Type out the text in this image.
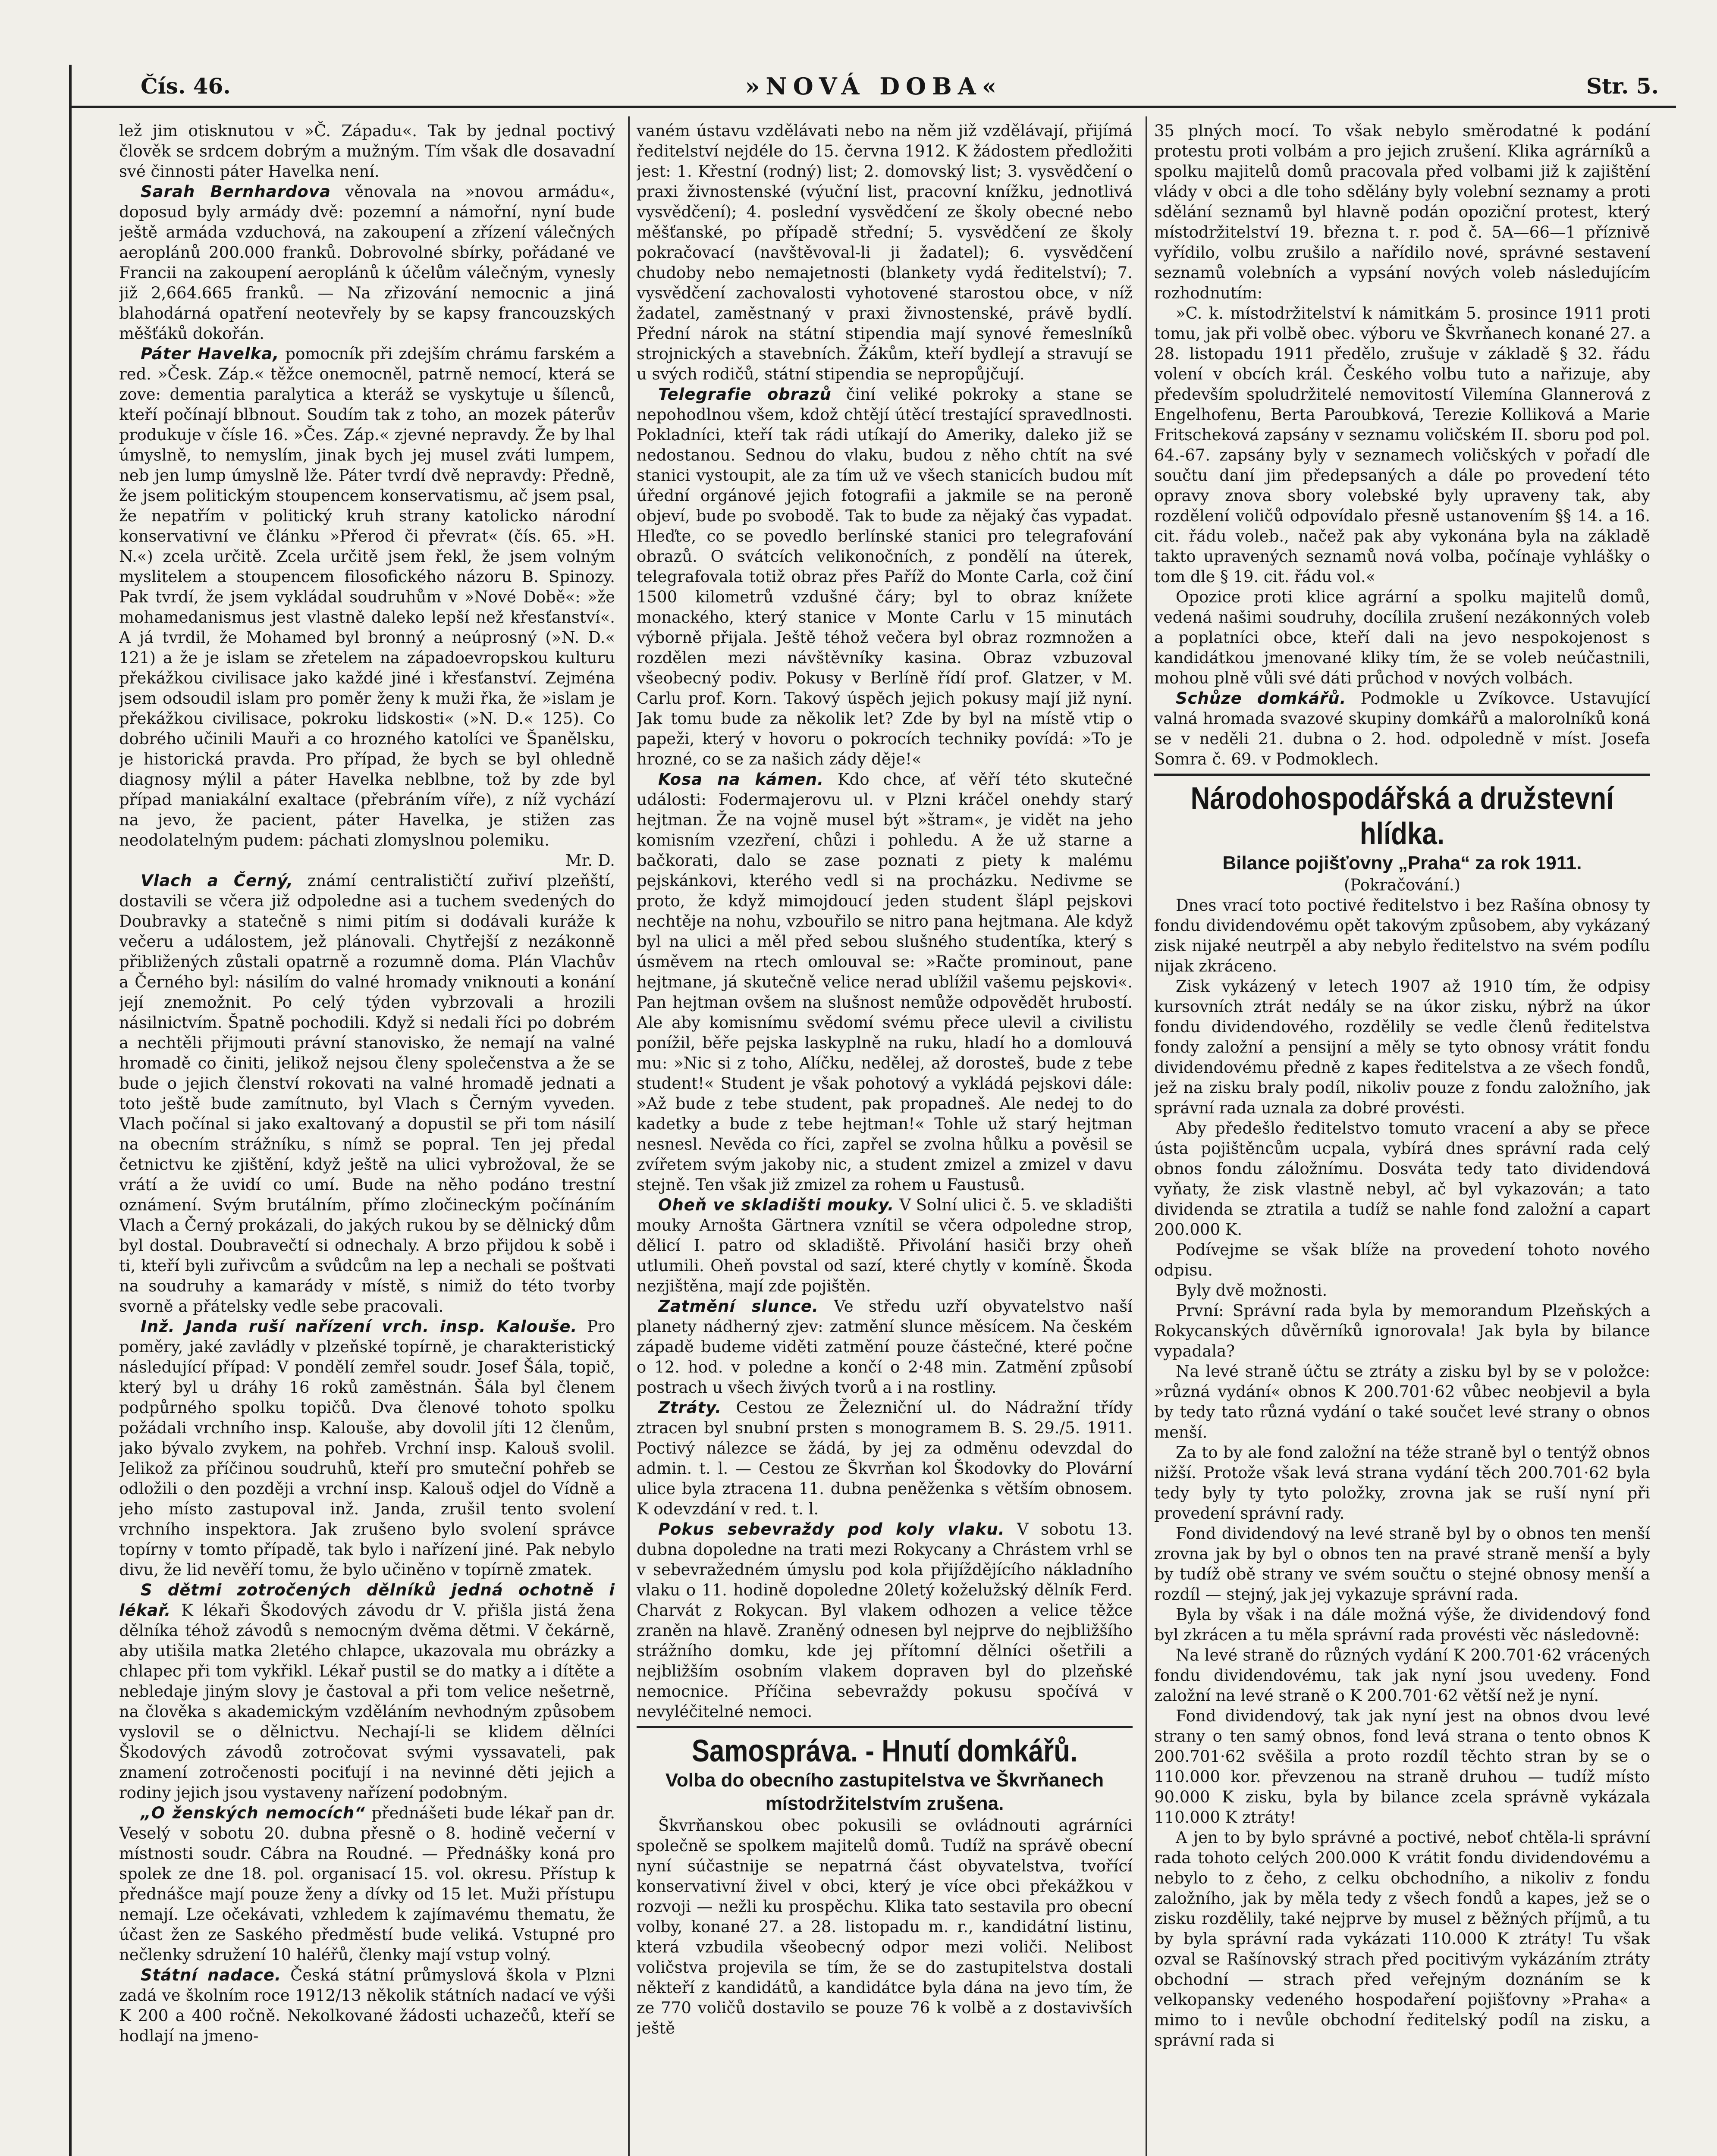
Čís. 46.	»NOVÁ DOBA«	Str. 5.

lež jim otisknutou v »Č. Západu«. Tak by jednal poctivý člověk se srdcem dobrým a mužným. Tím však dle dosavadní své činnosti páter Havelka není.

Sarah Bernhardova věnovala na »novou armádu«, doposud byly armády dvě: pozemní a námořní, nyní bude ještě armáda vzduchová, na zakoupení a zřízení válečných aeroplánů 200.000 franků. Dobrovolné sbírky, pořádané ve Francii na zakoupení aeroplánů k účelům válečným, vynesly již 2,664.665 franků. — Na zřizování nemocnic a jiná blahodárná opatření neotevřely by se kapsy francouzských měšťáků dokořán.

Páter Havelka, pomocník při zdejším chrámu farském a red. »Česk. Záp.« těžce onemocněl, patrně nemocí, která se zove: dementia paralytica a kteráž se vyskytuje u šílenců, kteří počínají blbnout. Soudím tak z toho, an mozek páterův produkuje v čísle 16. »Čes. Záp.« zjevné nepravdy. Že by lhal úmyslně, to nemyslím, jinak bych jej musel zváti lumpem, neb jen lump úmyslně lže. Páter tvrdí dvě nepravdy: Předně, že jsem politickým stoupencem konservatismu, ač jsem psal, že nepatřím v politický kruh strany katolicko národní konservativní ve článku »Přerod či převrat« (čís. 65. »H. N.«) zcela určitě. Zcela určitě jsem řekl, že jsem volným myslitelem a stoupencem filosofického názoru B. Spinozy. Pak tvrdí, že jsem vykládal soudruhům v »Nové Době«: »že mohamedanismus jest vlastně daleko lepší než křesťanství«. A já tvrdil, že Mohamed byl bronný a neúprosný (»N. D.« 121) a že je islam se zřetelem na západoevropskou kulturu překážkou civilisace jako každé jiné i křesťanství. Zejména jsem odsoudil islam pro poměr ženy k muži řka, že »islam je překážkou civilisace, pokroku lidskosti« (»N. D.« 125). Co dobrého učinili Mauři a co hrozného katolíci ve Španělsku, je historická pravda. Pro případ, že bych se byl ohledně diagnosy mýlil a páter Havelka neblbne, tož by zde byl případ maniakální exaltace (přebráním víře), z níž vychází na jevo, že pacient, páter Havelka, je stižen zas neodolatelným pudem: páchati zlomyslnou polemiku.

Mr. D.

Vlach a Černý, známí centralističtí zuřiví plzeňští, dostavili se včera již odpoledne asi a tuchem svedených do Doubravky a statečně s nimi pitím si dodávali kuráže k večeru a událostem, jež plánovali. Chytřejší z nezákonně přibližených zůstali opatrně a rozumně doma. Plán Vlachův a Černého byl: násilím do valné hromady vniknouti a konání její znemožnit. Po celý týden vybrzovali a hrozili násilnictvím. Špatně pochodili. Když si nedali říci po dobrém a nechtěli přijmouti právní stanovisko, že nemají na valné hromadě co činiti, jelikož nejsou členy společenstva a že se bude o jejich členství rokovati na valné hromadě jednati a toto ještě bude zamítnuto, byl Vlach s Černým vyveden. Vlach počínal si jako exaltovaný a dopustil se při tom násilí na obecním strážníku, s nímž se popral. Ten jej předal četnictvu ke zjištění, když ještě na ulici vybrožoval, že se vrátí a že uvidí co umí. Bude na něho podáno trestní oznámení. Svým brutálním, přímo zločineckým počínáním Vlach a Černý prokázali, do jakých rukou by se dělnický dům byl dostal. Doubravečtí si odnechaly. A brzo přijdou k sobě i ti, kteří byli zuřivcům a svůdcům na lep a nechali se poštvati na soudruhy a kamarády v místě, s nimiž do této tvorby svorně a přátelsky vedle sebe pracovali.

Inž. Janda ruší nařízení vrch. insp. Kalouše. Pro poměry, jaké zavládly v plzeňské topírně, je charakteristický následující případ: V pondělí zemřel soudr. Josef Šála, topič, který byl u dráhy 16 roků zaměstnán. Šála byl členem podpůrného spolku topičů. Dva členové tohoto spolku požádali vrchního insp. Kalouše, aby dovolil jíti 12 členům, jako bývalo zvykem, na pohřeb. Vrchní insp. Kalouš svolil. Jelikož za příčinou soudruhů, kteří pro smuteční pohřeb se odložili o den později a vrchní insp. Kalouš odjel do Vídně a jeho místo zastupoval inž. Janda, zrušil tento svolení vrchního inspektora. Jak zrušeno bylo svolení správce topírny v tomto případě, tak bylo i nařízení jiné. Pak nebylo divu, že lid nevěří tomu, že bylo učiněno v topírně zmatek.

S dětmi zotročených dělníků jedná ochotně i lékař. K lékaři Škodových závodu dr V. přišla jistá žena dělníka téhož závodů s nemocným dvěma dětmi. V čekárně, aby utišila matka 2letého chlapce, ukazovala mu obrázky a chlapec při tom vykřikl. Lékař pustil se do matky a i dítěte a nebledaje jiným slovy je častoval a při tom velice nešetrně, na člověka s akademickým vzděláním nevhodným způsobem vyslovil se o dělnictvu. Nechají-li se klidem dělníci Škodových závodů zotročovat svými vyssavateli, pak znamení zotročenosti pociťují i na nevinné děti jejich a rodiny jejich jsou vystaveny nařízení podobným.

„O ženských nemocích“ přednášeti bude lékař pan dr. Veselý v sobotu 20. dubna přesně o 8. hodině večerní v místnosti soudr. Cábra na Roudné. — Přednášky koná pro spolek ze dne 18. pol. organisací 15. vol. okresu. Přístup k přednášce mají pouze ženy a dívky od 15 let. Muži přístupu nemají. Lze očekávati, vzhledem k zajímavému thematu, že účast žen ze Saského předměstí bude veliká. Vstupné pro nečlenky sdružení 10 haléřů, členky mají vstup volný.

Státní nadace. Česká státní průmyslová škola v Plzni zadá ve školním roce 1912/13 několik státních nadací ve výši K 200 a 400 ročně. Nekolkované žádosti uchazečů, kteří se hodlají na jmeno-

vaném ústavu vzdělávati nebo na něm již vzdělávají, přijímá ředitelství nejdéle do 15. června 1912. K žádostem předložiti jest: 1. Křestní (rodný) list; 2. domovský list; 3. vysvědčení o praxi živnostenské (výuční list, pracovní knížku, jednotlivá vysvědčení); 4. poslední vysvědčení ze školy obecné nebo měšťanské, po případě střední; 5. vysvědčení ze školy pokračovací (navštěvoval-li ji žadatel); 6. vysvědčení chudoby nebo nemajetnosti (blankety vydá ředitelství); 7. vysvědčení zachovalosti vyhotovené starostou obce, v níž žadatel, zaměstnaný v praxi živnostenské, právě bydlí. Přední nárok na státní stipendia mají synové řemeslníků strojnických a stavebních. Žákům, kteří bydlejí a stravují se u svých rodičů, státní stipendia se nepropůjčují.

Telegrafie obrazů činí veliké pokroky a stane se nepohodlnou všem, kdož chtějí útěcí trestající spravedlnosti. Pokladníci, kteří tak rádi utíkají do Ameriky, daleko již se nedostanou. Sednou do vlaku, budou z něho chtít na své stanici vystoupit, ale za tím už ve všech stanicích budou mít úřední orgánové jejich fotografii a jakmile se na peroně objeví, bude po svobodě. Tak to bude za nějaký čas vypadat. Hleďte, co se povedlo berlínské stanici pro telegrafování obrazů. O svátcích velikonočních, z pondělí na úterek, telegrafovala totiž obraz přes Paříž do Monte Carla, což činí 1500 kilometrů vzdušné čáry; byl to obraz knížete monackého, který stanice v Monte Carlu v 15 minutách výborně přijala. Ještě téhož večera byl obraz rozmnožen a rozdělen mezi návštěvníky kasina. Obraz vzbuzoval všeobecný podiv. Pokusy v Berlíně řídí prof. Glatzer, v M. Carlu prof. Korn. Takový úspěch jejich pokusy mají již nyní. Jak tomu bude za několik let? Zde by byl na místě vtip o papeži, který v hovoru o pokrocích techniky povídá: »To je hrozné, co se za našich zády děje!«

Kosa na kámen. Kdo chce, ať věří této skutečné události: Fodermajerovu ul. v Plzni kráčel onehdy starý hejtman. Že na vojně musel být »štram«, je vidět na jeho komisním vzezření, chůzi i pohledu. A že už starne a bačkorati, dalo se zase poznati z piety k malému pejskánkovi, kterého vedl si na procházku. Nedivme se proto, že když mimojdoucí jeden student šlápl pejskovi nechtěje na nohu, vzbouřilo se nitro pana hejtmana. Ale když byl na ulici a měl před sebou slušného studentíka, který s úsměvem na rtech omlouval se: »Račte prominout, pane hejtmane, já skutečně velice nerad ublížil vašemu pejskovi«. Pan hejtman ovšem na slušnost nemůže odpovědět hrubostí. Ale aby komisnímu svědomí svému přece ulevil a civilistu ponížil, běře pejska laskyplně na ruku, hladí ho a domlouvá mu: »Nic si z toho, Alíčku, nedělej, až dorosteš, bude z tebe student!« Student je však pohotový a vykládá pejskovi dále: »Až bude z tebe student, pak propadneš. Ale nedej to do kadetky a bude z tebe hejtman!« Tohle už starý hejtman nesnesl. Nevěda co říci, zapřel se zvolna hůlku a pověsil se zvířetem svým jakoby nic, a student zmizel a zmizel v davu stejně. Ten však již zmizel za rohem u Faustusů.

Oheň ve skladišti mouky. V Solní ulici č. 5. ve skladišti mouky Arnošta Gärtnera vznítil se včera odpoledne strop, dělicí I. patro od skladiště. Přivolání hasiči brzy oheň utlumili. Oheň povstal od sazí, které chytly v komíně. Škoda nezjištěna, mají zde pojištěn.

Zatmění slunce. Ve středu uzří obyvatelstvo naší planety nádherný zjev: zatmění slunce měsícem. Na českém západě budeme viděti zatmění pouze částečné, které počne o 12. hod. v poledne a končí o 2·48 min. Zatmění způsobí postrach u všech živých tvorů a i na rostliny.

Ztráty. Cestou ze Železniční ul. do Nádražní třídy ztracen byl snubní prsten s monogramem B. S. 29./5. 1911. Poctivý nálezce se žádá, by jej za odměnu odevzdal do admin. t. l. — Cestou ze Škvrňan kol Škodovky do Plovární ulice byla ztracena 11. dubna peněženka s větším obnosem. K odevzdání v red. t. l.

Pokus sebevraždy pod koly vlaku. V sobotu 13. dubna dopoledne na trati mezi Rokycany a Chrástem vrhl se v sebevražedném úmyslu pod kola přijíždějícího nákladního vlaku o 11. hodině dopoledne 20letý koželužský dělník Ferd. Charvát z Rokycan. Byl vlakem odhozen a velice těžce zraněn na hlavě. Zraněný odnesen byl nejprve do nejbližšího strážního domku, kde jej přítomní dělníci ošetřili a nejbližším osobním vlakem dopraven byl do plzeňské nemocnice. Příčina sebevraždy pokusu spočívá v nevyléčitelné nemoci.

Samospráva. - Hnutí domkářů.

Volba do obecního zastupitelstva ve Škvrňanech místodržitelstvím zrušena.

Škvrňanskou obec pokusili se ovládnouti agrárníci společně se spolkem majitelů domů. Tudíž na správě obecní nyní súčastnije se nepatrná část obyvatelstva, tvořící konservativní živel v obci, který je více obci překážkou v rozvoji — nežli ku prospěchu. Klika tato sestavila pro obecní volby, konané 27. a 28. listopadu m. r., kandidátní listinu, která vzbudila všeobecný odpor mezi voliči. Nelibost voličstva projevila se tím, že se do zastupitelstva dostali někteří z kandidátů, a kandidátce byla dána na jevo tím, že ze 770 voličů dostavilo se pouze 76 k volbě a z dostavivších ještě

35 plných mocí. To však nebylo směrodatné k podání protestu proti volbám a pro jejich zrušení. Klika agrárníků a spolku majitelů domů pracovala před volbami již k zajištění vlády v obci a dle toho sdělány byly volební seznamy a proti sdělání seznamů byl hlavně podán opoziční protest, který místodržitelství 19. března t. r. pod č. 5A—66—1 příznivě vyřídilo, volbu zrušilo a nařídilo nové, správné sestavení seznamů volebních a vypsání nových voleb následujícím rozhodnutím:

»C. k. místodržitelství k námitkám 5. prosince 1911 proti tomu, jak při volbě obec. výboru ve Škvrňanech konané 27. a 28. listopadu 1911 předělo, zrušuje v základě § 32. řádu volení v obcích král. Českého volbu tuto a nařizuje, aby především spoludržitelé nemovitostí Vilemína Glannerová z Engelhofenu, Berta Paroubková, Terezie Kolliková a Marie Fritscheková zapsány v seznamu voličském II. sboru pod pol. 64.-67. zapsány byly v seznamech voličských v pořadí dle součtu daní jim předepsaných a dále po provedení této opravy znova sbory volebské byly upraveny tak, aby rozdělení voličů odpovídalo přesně ustanovením §§ 14. a 16. cit. řádu voleb., načež pak aby vykonána byla na základě takto upravených seznamů nová volba, počínaje vyhlášky o tom dle § 19. cit. řádu vol.«

Opozice proti klice agrární a spolku majitelů domů, vedená našimi soudruhy, docílila zrušení nezákonných voleb a poplatníci obce, kteří dali na jevo nespokojenost s kandidátkou jmenované kliky tím, že se voleb neúčastnili, mohou plně vůli své dáti průchod v nových volbách.

Schůze domkářů. Podmokle u Zvíkovce. Ustavující valná hromada svazové skupiny domkářů a malorolníků koná se v neděli 21. dubna o 2. hod. odpoledně v míst. Josefa Somra č. 69. v Podmoklech.

Národohospodářská a družstevní hlídka.

Bilance pojišťovny „Praha“ za rok 1911.

(Pokračování.)

Dnes vrací toto poctivé ředitelstvo i bez Rašína obnosy ty fondu dividendovému opět takovým způsobem, aby vykázaný zisk nijaké neutrpěl a aby nebylo ředitelstvo na svém podílu nijak zkráceno.

Zisk vykázený v letech 1907 až 1910 tím, že odpisy kursovních ztrát nedály se na úkor zisku, nýbrž na úkor fondu dividendového, rozdělily se vedle členů ředitelstva fondy založní a pensijní a měly se tyto obnosy vrátit fondu dividendovému předně z kapes ředitelstva a ze všech fondů, jež na zisku braly podíl, nikoliv pouze z fondu založního, jak správní rada uznala za dobré provésti.

Aby předešlo ředitelstvo tomuto vracení a aby se přece ústa pojištěncům ucpala, vybírá dnes správní rada celý obnos fondu záložnímu. Dosváta tedy tato dividendová vyňaty, že zisk vlastně nebyl, ač byl vykazován; a tato dividenda se ztratila a tudíž se nahle fond založní a capart 200.000 K.

Podívejme se však blíže na provedení tohoto nového odpisu.

Byly dvě možnosti.

První: Správní rada byla by memorandum Plzeňských a Rokycanských důvěrníků ignorovala! Jak byla by bilance vypadala?

Na levé straně účtu se ztráty a zisku byl by se v položce: »různá vydání« obnos K 200.701·62 vůbec neobjevil a byla by tedy tato různá vydání o také součet levé strany o obnos menší.

Za to by ale fond založní na téže straně byl o tentýž obnos nižší. Protože však levá strana vydání těch 200.701·62 byla tedy byly ty tyto položky, zrovna jak se ruší nyní při provedení správní rady.

Fond dividendový na levé straně byl by o obnos ten menší zrovna jak by byl o obnos ten na pravé straně menší a byly by tudíž obě strany ve svém součtu o stejné obnosy menší a rozdíl — stejný, jak jej vykazuje správní rada.

Byla by však i na dále možná výše, že dividendový fond byl zkrácen a tu měla správní rada provésti věc následovně:

Na levé straně do různých vydání K 200.701·62 vrácených fondu dividendovému, tak jak nyní jsou uvedeny. Fond založní na levé straně o K 200.701·62 větší než je nyní.

Fond dividendový, tak jak nyní jest na obnos dvou levé strany o ten samý obnos, fond levá strana o tento obnos K 200.701·62 svěšila a proto rozdíl těchto stran by se o 110.000 kor. převzenou na straně druhou — tudíž místo 90.000 K zisku, byla by bilance zcela správně vykázala 110.000 K ztráty!

A jen to by bylo správné a poctivé, neboť chtěla-li správní rada tohoto celých 200.000 K vrátit fondu dividendovému a nebylo to z čeho, z celku obchodního, a nikoliv z fondu založního, jak by měla tedy z všech fondů a kapes, jež se o zisku rozdělily, také nejprve by musel z běžných příjmů, a tu by byla správní rada vykázati 110.000 K ztráty! Tu však ozval se Rašínovský strach před pocitivým vykázáním ztráty obchodní — strach před veřejným doznáním se k velkopansky vedeného hospodaření pojišťovny »Praha« a mimo to i nevůle obchodní ředitelský podíl na zisku, a správní rada si
